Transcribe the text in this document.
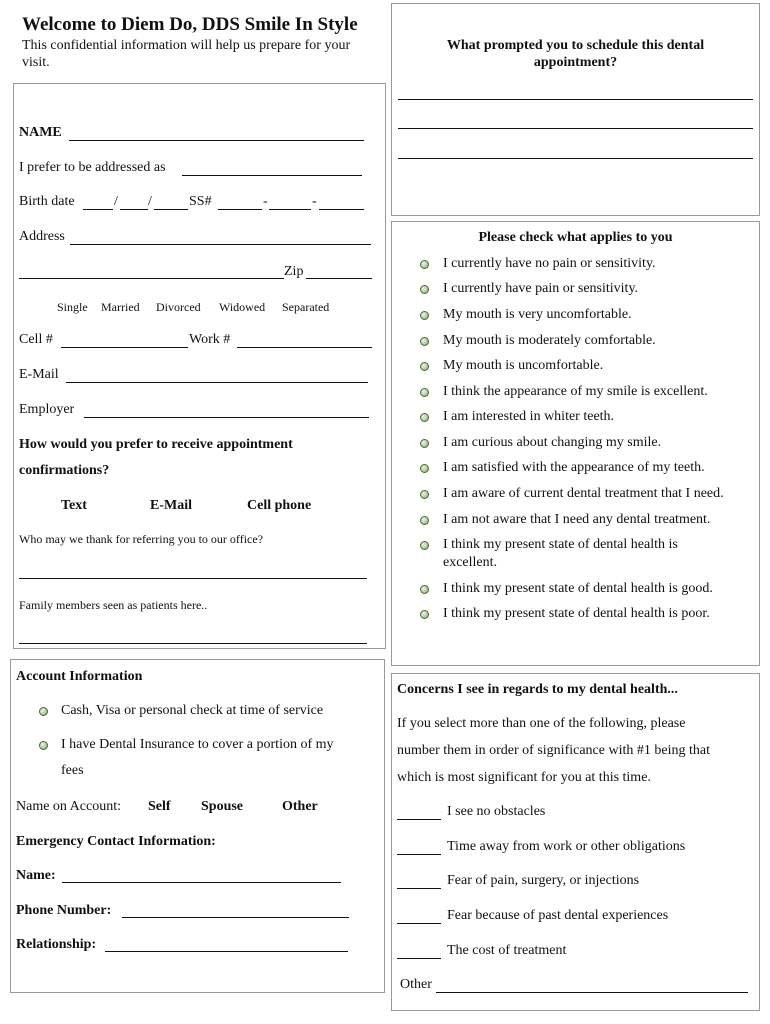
Welcome to Diem Do, DDS Smile In Style
This confidential information will help us prepare for your
visit.
NAME
I prefer to be addressed as
Birth date	/ /	SS#	-	-
Address
Zip
Single Married Divorced Widowed Separated
Cell #	Work #
E-Mail
Employer
How would you prefer to receive appointment
confirmations?
Text	E-Mail	Cell phone
Who may we thank for referring you to our office?
Family members seen as patients here..
What prompted you to schedule this dental
appointment?
Please check what applies to you
I currently have no pain or sensitivity.
I currently have pain or sensitivity.
My mouth is very uncomfortable.
My mouth is moderately comfortable.
My mouth is uncomfortable.
I think the appearance of my smile is excellent.
I am interested in whiter teeth.
I am curious about changing my smile.
I am satisfied with the appearance of my teeth.
I am aware of current dental treatment that I need.
I am not aware that I need any dental treatment.
I think my present state of dental health is
excellent.
I think my present state of dental health is good.
I think my present state of dental health is poor.
Account Information
Cash, Visa or personal check at time of service
I have Dental Insurance to cover a portion of my
fees
Name on Account: Self Spouse	Other
Emergency Contact Information:
Name:
Phone Number:
Relationship:
Concerns I see in regards to my dental health...
If you select more than one of the following, please
number them in order of significance with #1 being that
which is most significant for you at this time.
I see no obstacles
Time away from work or other obligations
Fear of pain, surgery, or injections
Fear because of past dental experiences
The cost of treatment
Other
